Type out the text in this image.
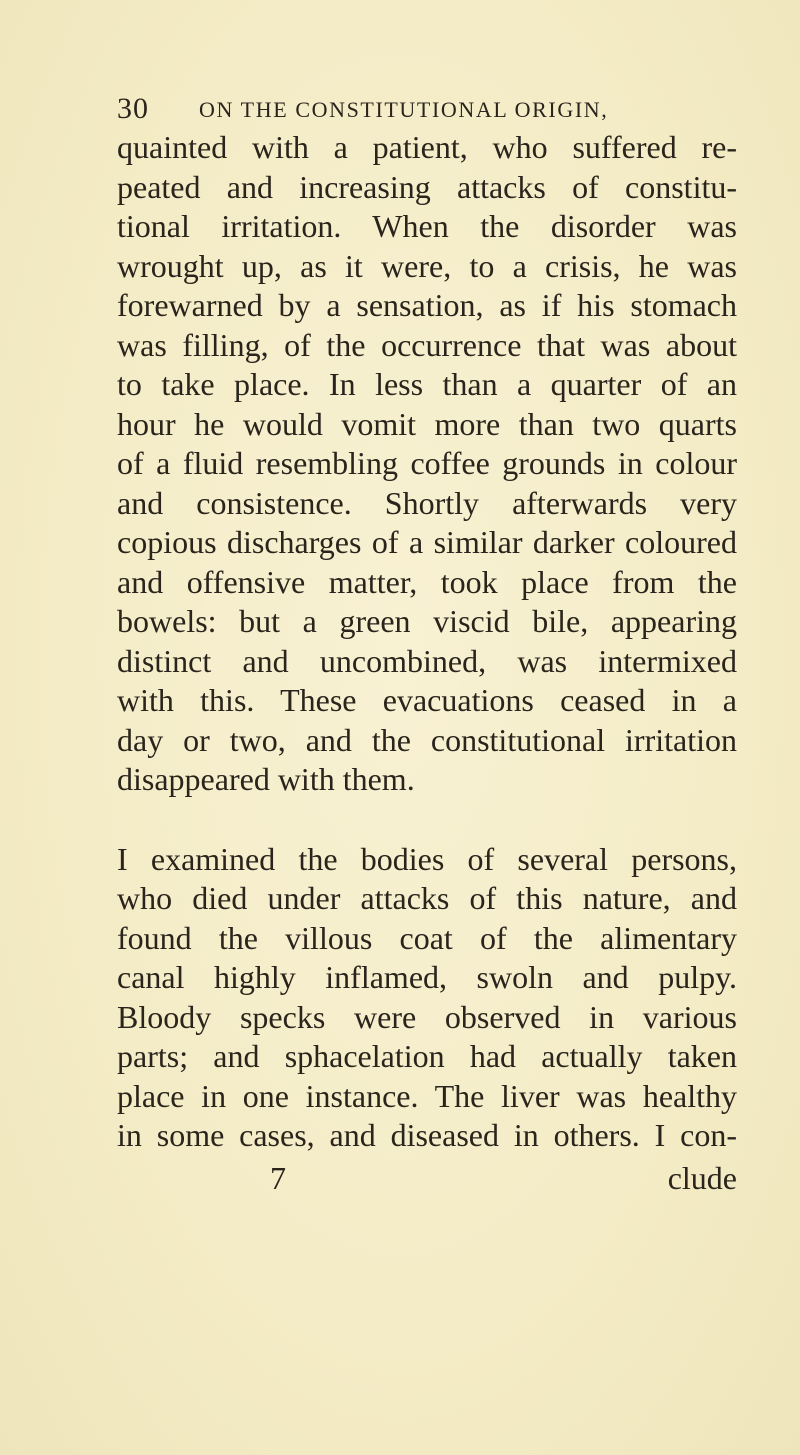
30 ON THE CONSTITUTIONAL ORIGIN,
quainted with a patient, who suffered re-
peated and increasing attacks of constitu-
tional irritation. When the disorder was
wrought up, as it were, to a crisis, he was
forewarned by a sensation, as if his stomach
was filling, of the occurrence that was about
to take place. In less than a quarter of an
hour he would vomit more than two quarts
of a fluid resembling coffee grounds in colour
and consistence. Shortly afterwards very
copious discharges of a similar darker coloured
and offensive matter, took place from the
bowels: but a green viscid bile, appearing
distinct and uncombined, was intermixed
with this. These evacuations ceased in a
day or two, and the constitutional irritation
disappeared with them.
I examined the bodies of several persons,
who died under attacks of this nature, and
found the villous coat of the alimentary
canal highly inflamed, swoln and pulpy.
Bloody specks were observed in various
parts; and sphacelation had actually taken
place in one instance. The liver was healthy
in some cases, and diseased in others. I con-
7	clude
